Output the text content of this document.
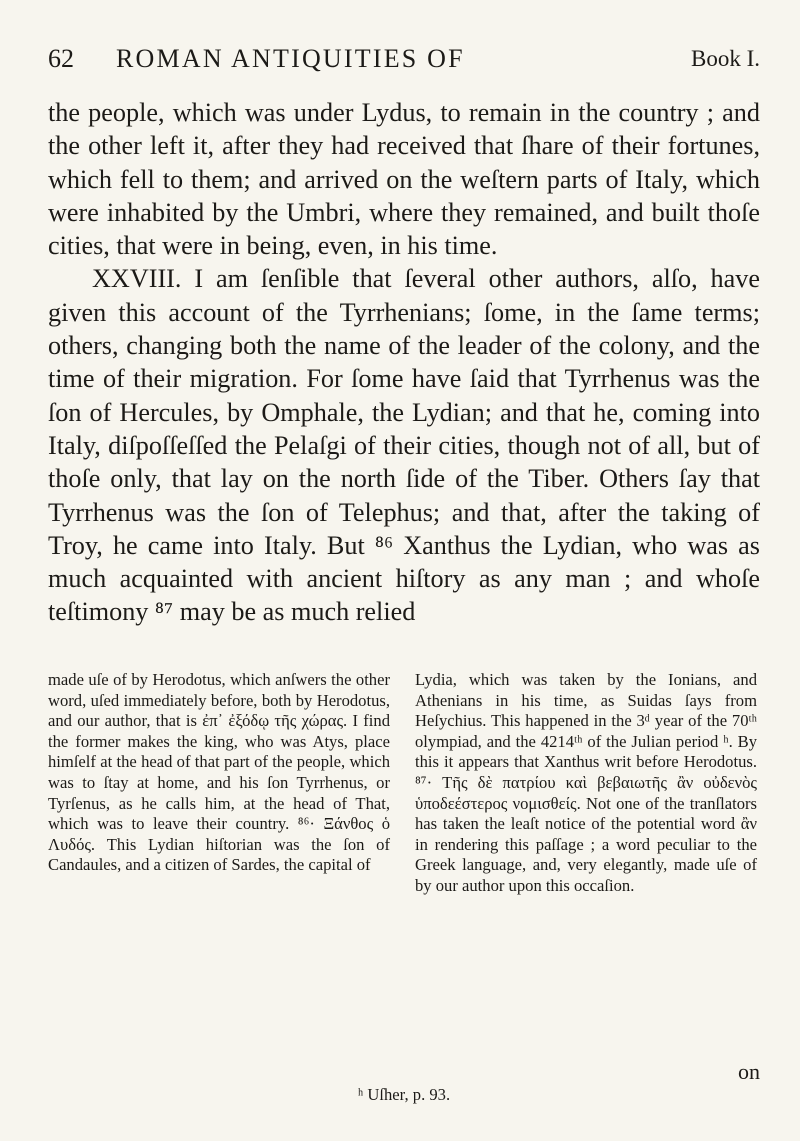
62 ROMAN ANTIQUITIES OF	Book I.

the people, which was under Lydus, to remain in the country ; and the other left it, after they had received that ſhare of their fortunes, which fell to them; and arrived on the weſtern parts of Italy, which were inhabited by the Umbri, where they remained, and built thoſe cities, that were in being, even, in his time.

XXVIII. I am ſenſible that ſeveral other authors, alſo, have given this account of the Tyrrhenians; ſome, in the ſame terms; others, changing both the name of the leader of the colony, and the time of their migration. For ſome have ſaid that Tyrrhenus was the ſon of Hercules, by Omphale, the Lydian; and that he, coming into Italy, diſpoſſeſſed the Pelaſgi of their cities, though not of all, but of thoſe only, that lay on the north ſide of the Tiber. Others ſay that Tyrrhenus was the ſon of Telephus; and that, after the taking of Troy, he came into Italy. But ⁸⁶ Xanthus the Lydian, who was as much acquainted with ancient hiſtory as any man ; and whoſe teſtimony ⁸⁷ may be as much relied

made uſe of by Herodotus, which anſwers the other word, uſed immediately before, both by Herodotus, and our author, that is ἐπ᾿ ἐξόδῳ τῆς χώρας. I find the former makes the king, who was Atys, place himſelf at the head of that part of the people, which was to ſtay at home, and his ſon Tyrrhenus, or Tyrſenus, as he calls him, at the head of That, which was to leave their country. ⁸⁶· Ξάνθος ὁ Λυδός. This Lydian hiſtorian was the ſon of Candaules, and a citizen of Sardes, the capital of

Lydia, which was taken by the Ionians, and Athenians in his time, as Suidas ſays from Heſychius. This happened in the 3ᵈ year of the 70ᵗʰ olympiad, and the 4214ᵗʰ of the Julian period ʰ. By this it appears that Xanthus writ before Herodotus. ⁸⁷· Τῆς δὲ πατρίου καὶ βεβαιωτῆς ἂν οὐδενὸς ὑποδεέστερος νομισθείς. Not one of the tranſlators has taken the leaſt notice of the potential word ἂν in rendering this paſſage ; a word peculiar to the Greek language, and, very elegantly, made uſe of by our author upon this occaſion.

ʰ Uſher, p. 93.
on
